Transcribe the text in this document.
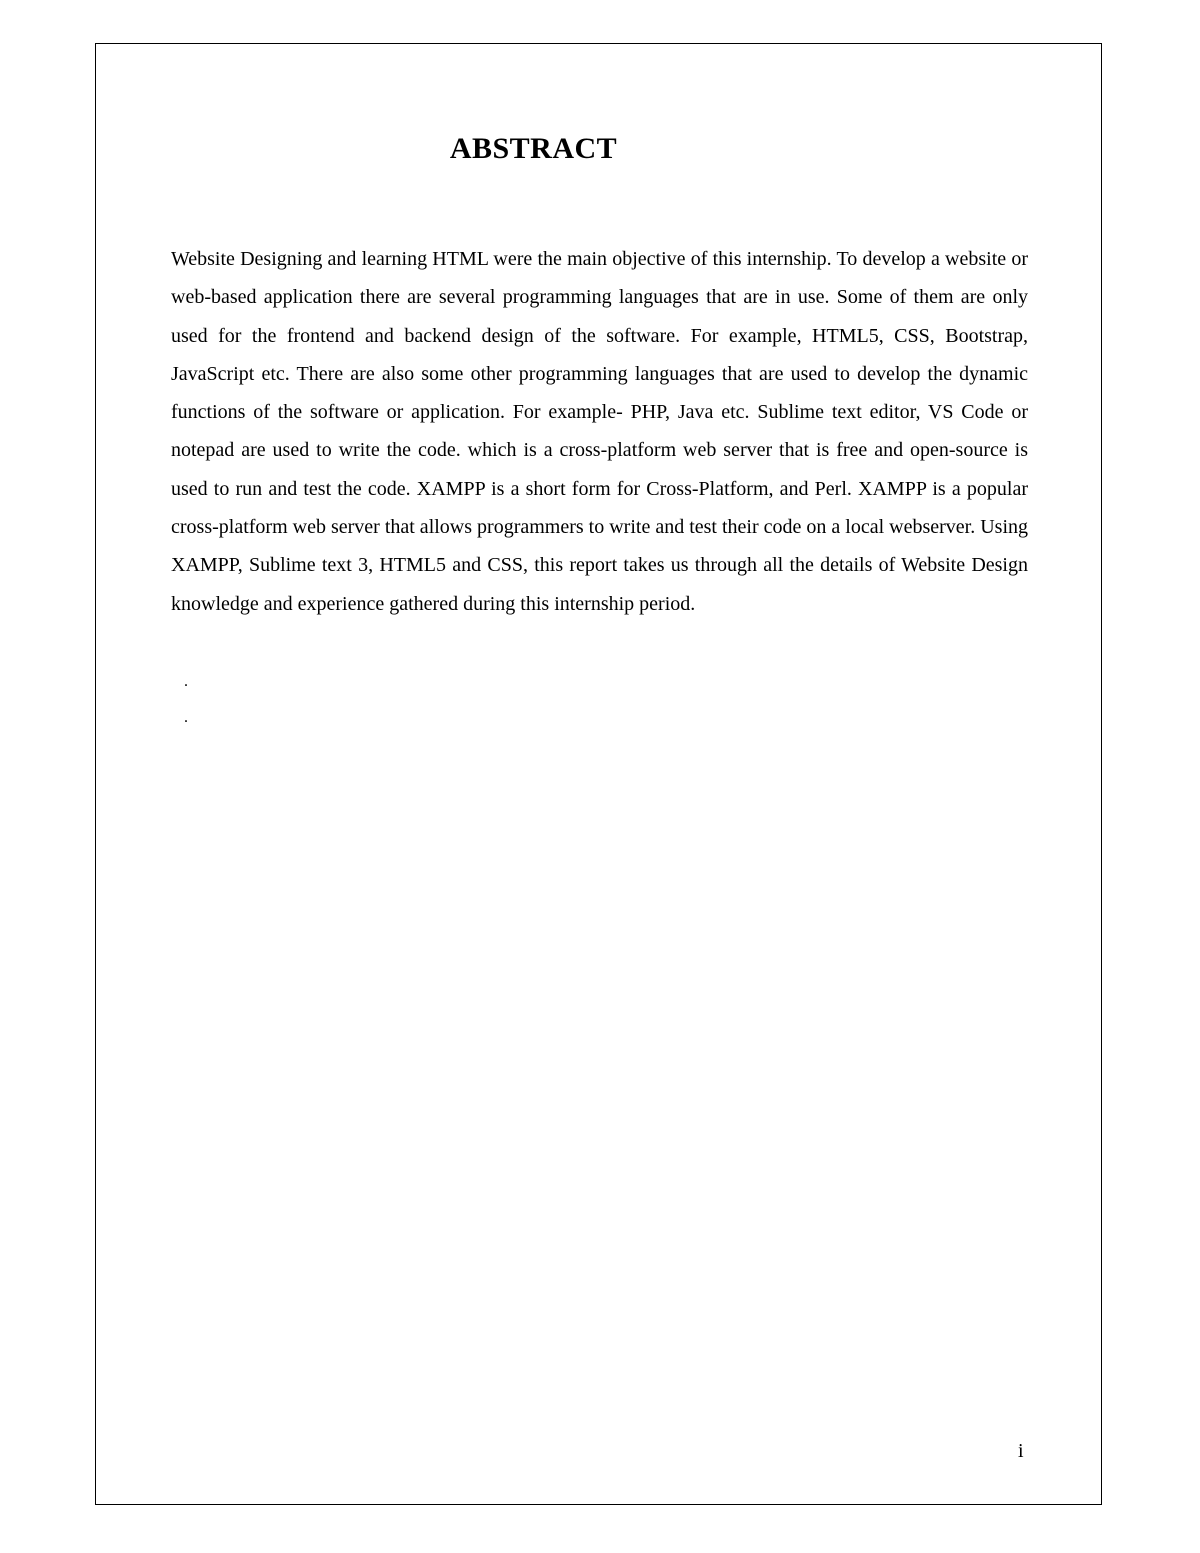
ABSTRACT

Website Designing and learning HTML were the main objective of this internship. To develop a website or web-based application there are several programming languages that are in use. Some of them are only used for the frontend and backend design of the software. For example, HTML5, CSS, Bootstrap, JavaScript etc. There are also some other programming languages that are used to develop the dynamic functions of the software or application. For example- PHP, Java etc. Sublime text editor, VS Code or notepad are used to write the code. which is a cross-platform web server that is free and open-source is used to run and test the code. XAMPP is a short form for Cross-Platform, and Perl. XAMPP is a popular cross-platform web server that allows programmers to write and test their code on a local webserver. Using XAMPP, Sublime text 3, HTML5 and CSS, this report takes us through all the details of Website Design knowledge and experience gathered during this internship period.

.
.
i
